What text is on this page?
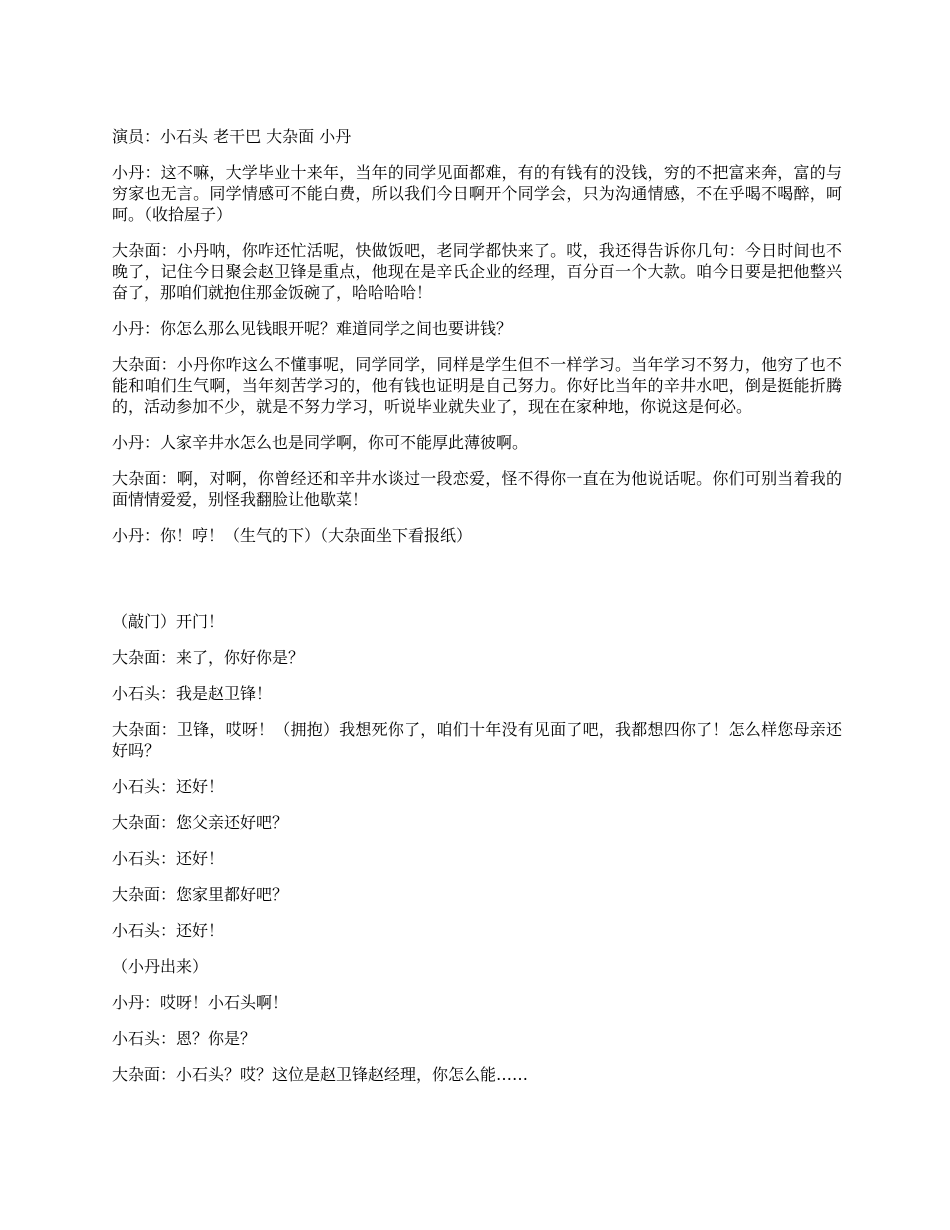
演员：小石头 老干巴 大杂面 小丹

小丹：这不嘛，大学毕业十来年，当年的同学见面都难，有的有钱有的没钱，穷的不把富来奔，富的与穷家也无言。同学情感可不能白费，所以我们今日啊开个同学会，只为沟通情感，不在乎喝不喝醉，呵呵。（收拾屋子）

大杂面：小丹呐，你咋还忙活呢，快做饭吧，老同学都快来了。哎，我还得告诉你几句：今日时间也不晚了，记住今日聚会赵卫锋是重点，他现在是辛氏企业的经理，百分百一个大款。咱今日要是把他整兴奋了，那咱们就抱住那金饭碗了，哈哈哈哈！

小丹：你怎么那么见钱眼开呢？难道同学之间也要讲钱？

大杂面：小丹你咋这么不懂事呢，同学同学，同样是学生但不一样学习。当年学习不努力，他穷了也不能和咱们生气啊，当年刻苦学习的，他有钱也证明是自己努力。你好比当年的辛井水吧，倒是挺能折腾的，活动参加不少，就是不努力学习，听说毕业就失业了，现在在家种地，你说这是何必。

小丹：人家辛井水怎么也是同学啊，你可不能厚此薄彼啊。

大杂面：啊，对啊，你曾经还和辛井水谈过一段恋爱，怪不得你一直在为他说话呢。你们可别当着我的面情情爱爱，别怪我翻脸让他歇菜！

小丹：你！哼！（生气的下）（大杂面坐下看报纸）

（敲门）开门！

大杂面：来了，你好你是？

小石头：我是赵卫锋！

大杂面：卫锋，哎呀！（拥抱）我想死你了，咱们十年没有见面了吧，我都想四你了！怎么样您母亲还好吗？

小石头：还好！

大杂面：您父亲还好吧？

小石头：还好！

大杂面：您家里都好吧？

小石头：还好！

（小丹出来）

小丹：哎呀！小石头啊！

小石头：恩？你是？

大杂面：小石头？哎？这位是赵卫锋赵经理，你怎么能……
